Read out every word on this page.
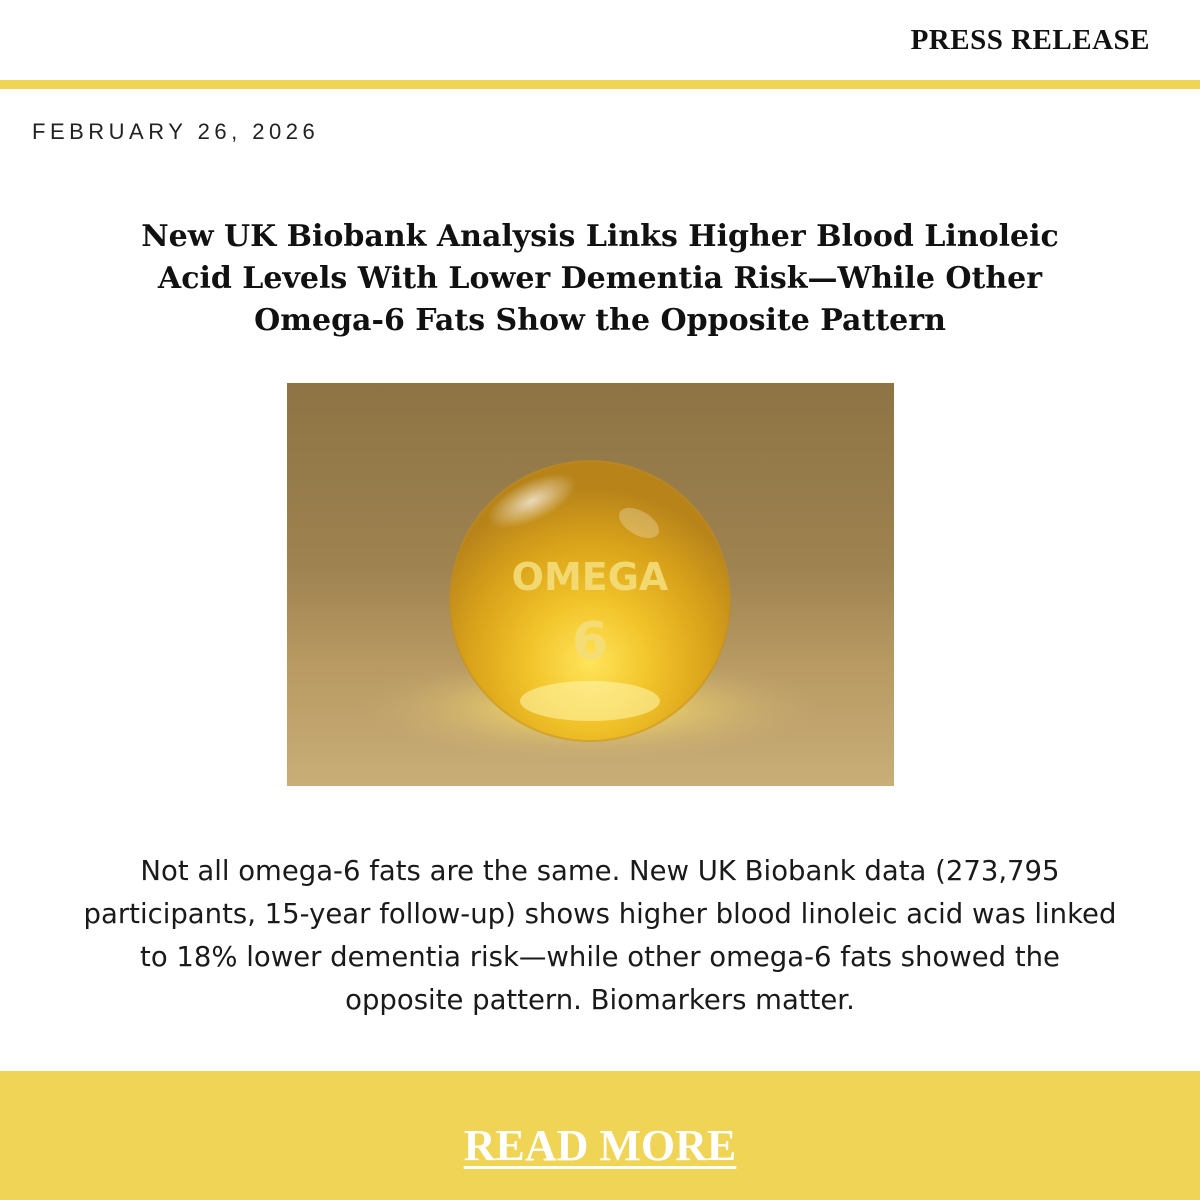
PRESS RELEASE
FEBRUARY 26, 2026
New UK Biobank Analysis Links Higher Blood Linoleic Acid Levels With Lower Dementia Risk—While Other Omega-6 Fats Show the Opposite Pattern
OMEGA
6

Not all omega-6 fats are the same. New UK Biobank data (273,795 participants, 15-year follow-up) shows higher blood linoleic acid was linked to 18% lower dementia risk—while other omega-6 fats showed the opposite pattern. Biomarkers matter.

READ MORE
